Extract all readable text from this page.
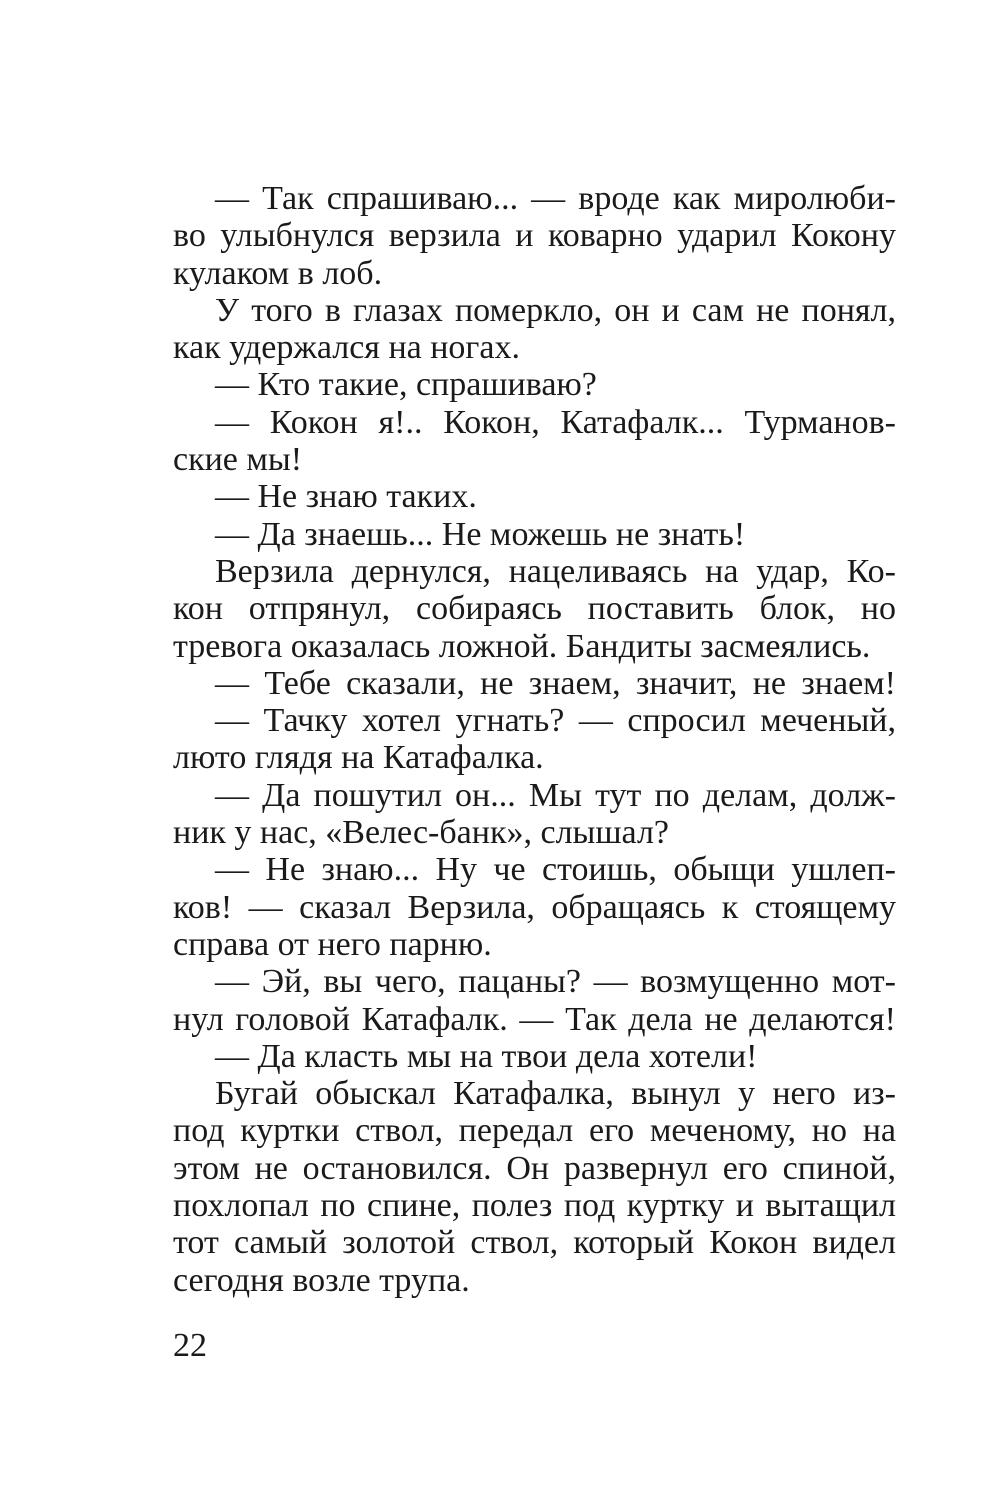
— Так спрашиваю... — вроде как миролюби-
во улыбнулся верзила и коварно ударил Кокону
кулаком в лоб.
У того в глазах померкло, он и сам не понял,
как удержался на ногах.
— Кто такие, спрашиваю?
— Кокон я!.. Кокон, Катафалк... Турманов-
ские мы!
— Не знаю таких.
— Да знаешь... Не можешь не знать!
Верзила дернулся, нацеливаясь на удар, Ко-
кон отпрянул, собираясь поставить блок, но
тревога оказалась ложной. Бандиты засмеялись.
— Тебе сказали, не знаем, значит, не знаем!
— Тачку хотел угнать? — спросил меченый,
люто глядя на Катафалка.
— Да пошутил он... Мы тут по делам, долж-
ник у нас, «Велес-банк», слышал?
— Не знаю... Ну че стоишь, обыщи ушлеп-
ков! — сказал Верзила, обращаясь к стоящему
справа от него парню.
— Эй, вы чего, пацаны? — возмущенно мот-
нул головой Катафалк. — Так дела не делаются!
— Да класть мы на твои дела хотели!
Бугай обыскал Катафалка, вынул у него из-
под куртки ствол, передал его меченому, но на
этом не остановился. Он развернул его спиной,
похлопал по спине, полез под куртку и вытащил
тот самый золотой ствол, который Кокон видел
сегодня возле трупа.
22
